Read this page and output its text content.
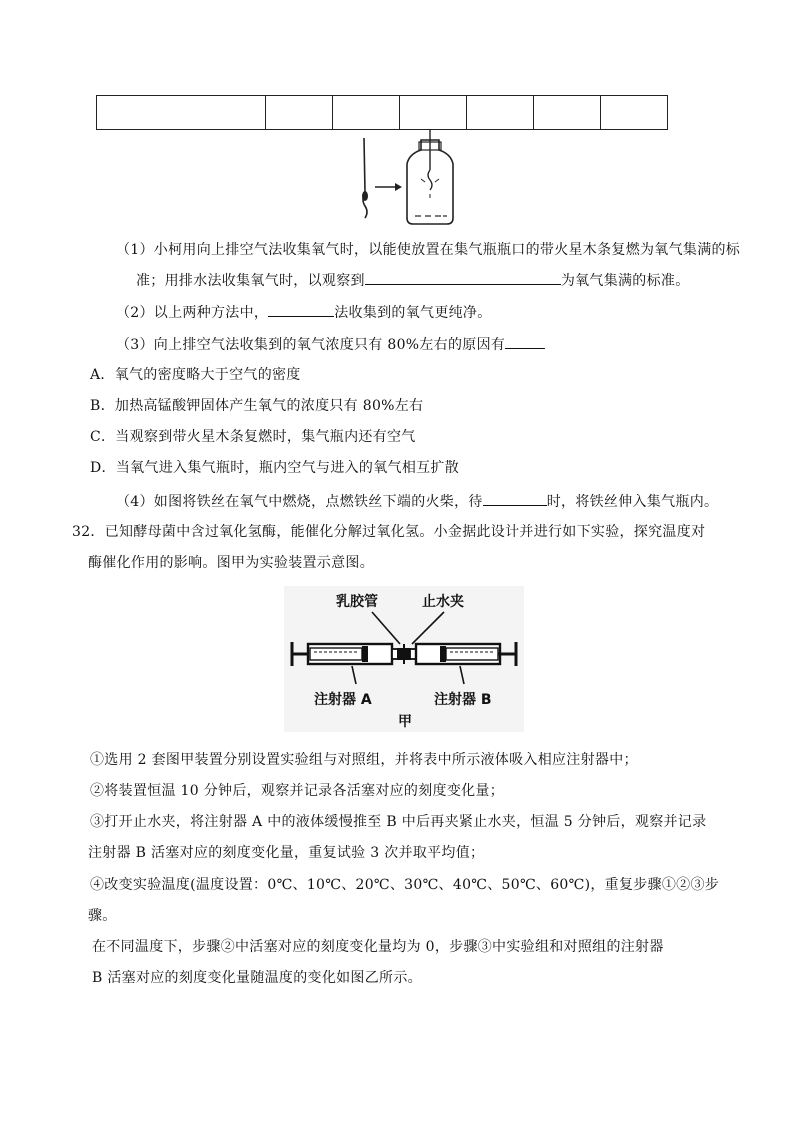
（1）小柯用向上排空气法收集氧气时，以能使放置在集气瓶瓶口的带火星木条复燃为氧气集满的标
准；用排水法收集氧气时，以观察到	为氧气集满的标准。
（2）以上两种方法中，	法收集到的氧气更纯净。
（3）向上排空气法收集到的氧气浓度只有 80%左右的原因有
A．氧气的密度略大于空气的密度
B．加热高锰酸钾固体产生氧气的浓度只有 80%左右
C．当观察到带火星木条复燃时，集气瓶内还有空气
D．当氧气进入集气瓶时，瓶内空气与进入的氧气相互扩散
（4）如图将铁丝在氧气中燃烧，点燃铁丝下端的火柴，待	时，将铁丝伸入集气瓶内。
32．已知酵母菌中含过氧化氢酶，能催化分解过氧化氢。小金据此设计并进行如下实验，探究温度对
酶催化作用的影响。图甲为实验装置示意图。
乳胶管	止水夹
注射器 A	注射器 B
甲
①选用 2 套图甲装置分别设置实验组与对照组，并将表中所示液体吸入相应注射器中；
②将装置恒温 10 分钟后，观察并记录各活塞对应的刻度变化量；
③打开止水夹，将注射器 A 中的液体缓慢推至 B 中后再夹紧止水夹，恒温 5 分钟后，观察并记录
注射器 B 活塞对应的刻度变化量，重复试验 3 次并取平均值；
④改变实验温度(温度设置：0℃、10℃、20℃、30℃、40℃、50℃、60℃)，重复步骤①②③步
骤。
在不同温度下，步骤②中活塞对应的刻度变化量均为 0，步骤③中实验组和对照组的注射器
B 活塞对应的刻度变化量随温度的变化如图乙所示。
